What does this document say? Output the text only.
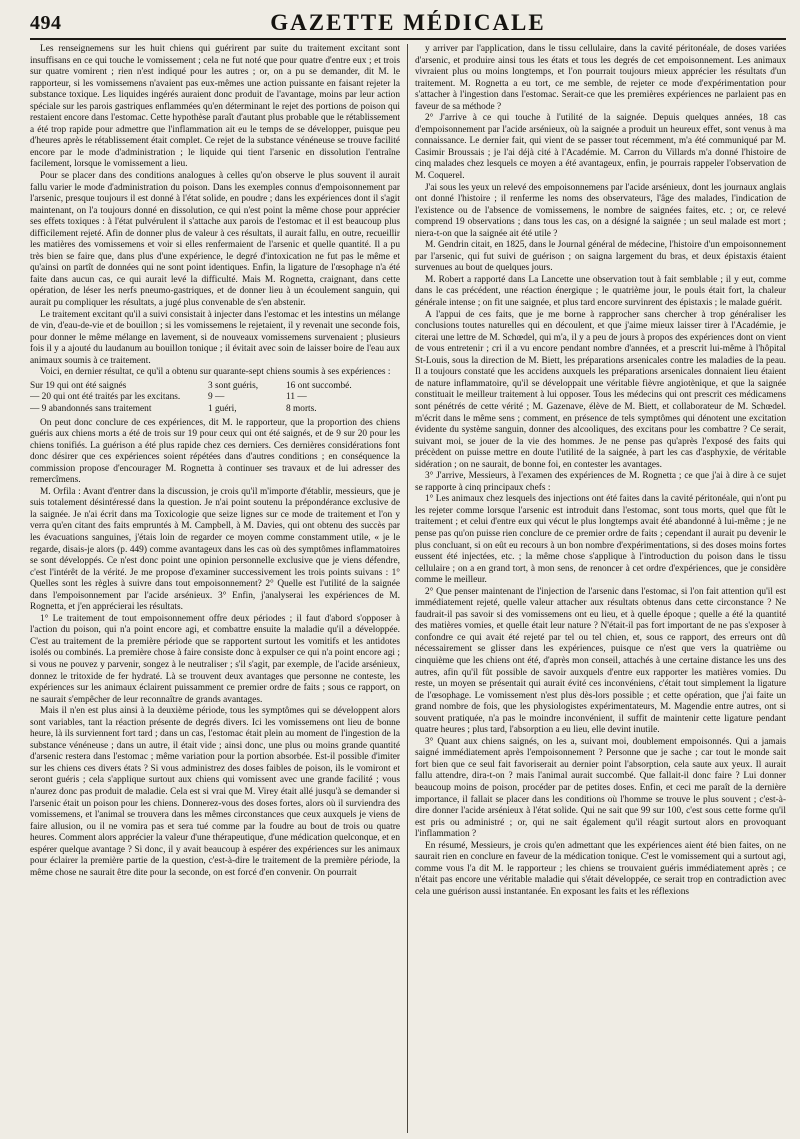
494	GAZETTE MÉDICALE

Les renseignemens sur les huit chiens qui guérirent par suite du traitement excitant sont insuffisans en ce qui touche le vomissement ; cela ne fut noté que pour quatre d'entre eux ; et trois sur quatre vomirent ; rien n'est indiqué pour les autres ; or, on a pu se demander, dit M. le rapporteur, si les vomissemens n'avaient pas eux-mêmes une action puissante en faisant rejeter la substance toxique. Les liquides ingérés auraient donc produit de l'avantage, moins par leur action spéciale sur les parois gastriques enflammées qu'en déterminant le rejet des portions de poison qui restaient encore dans l'estomac. Cette hypothèse paraît d'autant plus probable que le rétablissement a été trop rapide pour admettre que l'inflammation ait eu le temps de se développer, puisque peu d'heures après le rétablissement était complet. Ce rejet de la substance vénéneuse se trouve facilité encore par le mode d'administration ; le liquide qui tient l'arsenic en dissolution l'entraîne facilement, lorsque le vomissement a lieu.

Pour se placer dans des conditions analogues à celles qu'on observe le plus souvent il aurait fallu varier le mode d'administration du poison. Dans les exemples connus d'empoisonnement par l'arsenic, presque toujours il est donné à l'état solide, en poudre ; dans les expériences dont il s'agit maintenant, on l'a toujours donné en dissolution, ce qui n'est point la même chose pour apprécier ses effets toxiques : à l'état pulvérulent il s'attache aux parois de l'estomac et il est beaucoup plus difficilement rejeté. Afin de donner plus de valeur à ces résultats, il aurait fallu, en outre, recueillir les matières des vomissemens et voir si elles renfermaient de l'arsenic et quelle quantité. Il a pu très bien se faire que, dans plus d'une expérience, le degré d'intoxication ne fut pas le même et qu'ainsi on partît de données qui ne sont point identiques. Enfin, la ligature de l'œsophage n'a été faite dans aucun cas, ce qui aurait levé la difficulté. Mais M. Rognetta, craignant, dans cette opération, de léser les nerfs pneumo-gastriques, et de donner lieu à un écoulement sanguin, qui aurait pu compliquer les résultats, a jugé plus convenable de s'en abstenir.

Le traitement excitant qu'il a suivi consistait à injecter dans l'estomac et les intestins un mélange de vin, d'eau-de-vie et de bouillon ; si les vomissemens le rejetaient, il y revenait une seconde fois, pour donner le même mélange en lavement, si de nouveaux vomissemens survenaient ; plusieurs fois il y a ajouté du laudanum au bouillon tonique ; il évitait avec soin de laisser boire de l'eau aux animaux soumis à ce traitement.

Voici, en dernier résultat, ce qu'il a obtenu sur quarante-sept chiens soumis à ses expériences :

Sur 19 qui ont été saignés	3 sont guéris,	16 ont succombé.
— 20 qui ont été traités par les excitans.	9 —	11 —
— 9 abandonnés sans traitement	1 guéri,	8 morts.

On peut donc conclure de ces expériences, dit M. le rapporteur, que la proportion des chiens guéris aux chiens morts a été de trois sur 19 pour ceux qui ont été saignés, et de 9 sur 20 pour les chiens tonifiés. La guérison a été plus rapide chez ces derniers. Ces dernières considérations font donc désirer que ces expériences soient répétées dans d'autres conditions ; en conséquence la commission propose d'encourager M. Rognetta à continuer ses travaux et de lui adresser des remercîmens.

M. Orfila : Avant d'entrer dans la discussion, je crois qu'il m'importe d'établir, messieurs, que je suis totalement désintéressé dans la question. Je n'ai point soutenu la prépondérance exclusive de la saignée. Je n'ai écrit dans ma Toxicologie que seize lignes sur ce mode de traitement et l'on y verra qu'en citant des faits empruntés à M. Campbell, à M. Davies, qui ont obtenu des succès par les évacuations sanguines, j'étais loin de regarder ce moyen comme constamment utile, « je le regarde, disais-je alors (p. 449) comme avantageux dans les cas où des symptômes inflammatoires se sont développés. Ce n'est donc point une opinion personnelle exclusive que je viens défendre, c'est l'intérêt de la vérité. Je me propose d'examiner successivement les trois points suivans : 1° Quelles sont les règles à suivre dans tout empoisonnement? 2° Quelle est l'utilité de la saignée dans l'empoisonnement par l'acide arsénieux. 3° Enfin, j'analyserai les expériences de M. Rognetta, et j'en apprécierai les résultats.

1° Le traitement de tout empoisonnement offre deux périodes ; il faut d'abord s'opposer à l'action du poison, qui n'a point encore agi, et combattre ensuite la maladie qu'il a développée. C'est au traitement de la première période que se rapportent surtout les vomitifs et les antidotes isolés ou combinés. La première chose à faire consiste donc à expulser ce qui n'a point encore agi ; si vous ne pouvez y parvenir, songez à le neutraliser ; s'il s'agit, par exemple, de l'acide arsénieux, donnez le tritoxide de fer hydraté. Là se trouvent deux avantages que personne ne conteste, les expériences sur les animaux éclairent puissamment ce premier ordre de faits ; sous ce rapport, on ne saurait s'empêcher de leur reconnaître de grands avantages.

Mais il n'en est plus ainsi à la deuxième période, tous les symptômes qui se développent alors sont variables, tant la réaction présente de degrés divers. Ici les vomissemens ont lieu de bonne heure, là ils surviennent fort tard ; dans un cas, l'estomac était plein au moment de l'ingestion de la substance vénéneuse ; dans un autre, il était vide ; ainsi donc, une plus ou moins grande quantité d'arsenic restera dans l'estomac ; même variation pour la portion absorbée. Est-il possible d'imiter sur les chiens ces divers états ? Si vous administrez des doses faibles de poison, ils le vomiront et seront guéris ; cela s'applique surtout aux chiens qui vomissent avec une grande facilité ; vous n'aurez donc pas produit de maladie. Cela est si vrai que M. Virey était allé jusqu'à se demander si l'arsenic était un poison pour les chiens. Donnerez-vous des doses fortes, alors où il surviendra des vomissemens, et l'animal se trouvera dans les mêmes circonstances que ceux auxquels je viens de faire allusion, ou il ne vomira pas et sera tué comme par la foudre au bout de trois ou quatre heures. Comment alors apprécier la valeur d'une thérapeutique, d'une médication quelconque, et en espérer quelque avantage ? Si donc, il y avait beaucoup à espérer des expériences sur les animaux pour éclairer la première partie de la question, c'est-à-dire le traitement de la première période, la même chose ne saurait être dite pour la seconde, on est forcé d'en convenir. On pourrait

y arriver par l'application, dans le tissu cellulaire, dans la cavité péritonéale, de doses variées d'arsenic, et produire ainsi tous les états et tous les degrés de cet empoisonnement. Les animaux vivraient plus ou moins longtemps, et l'on pourrait toujours mieux apprécier les résultats d'un traitement. M. Rognetta a eu tort, ce me semble, de rejeter ce mode d'expérimentation pour s'attacher à l'ingestion dans l'estomac. Serait-ce que les premières expériences ne parlaient pas en faveur de sa méthode ?

2° J'arrive à ce qui touche à l'utilité de la saignée. Depuis quelques années, 18 cas d'empoisonnement par l'acide arsénieux, où la saignée a produit un heureux effet, sont venus à ma connaissance. Le dernier fait, qui vient de se passer tout récemment, m'a été communiqué par M. Casimir Broussais ; je l'ai déjà cité à l'Académie. M. Carron du Villards m'a donné l'histoire de cinq malades chez lesquels ce moyen a été avantageux, enfin, je pourrais rappeler l'observation de M. Coquerel.

J'ai sous les yeux un relevé des empoisonnemens par l'acide arsénieux, dont les journaux anglais ont donné l'histoire ; il renferme les noms des observateurs, l'âge des malades, l'indication de l'existence ou de l'absence de vomissemens, le nombre de saignées faites, etc. ; or, ce relevé comprend 19 observations ; dans tous les cas, on a désigné la saignée ; un seul malade est mort ; niera-t-on que la saignée ait été utile ?

M. Gendrin citait, en 1825, dans le Journal général de médecine, l'histoire d'un empoisonnement par l'arsenic, qui fut suivi de guérison ; on saigna largement du bras, et deux épistaxis étaient survenues au bout de quelques jours.

M. Robert a rapporté dans La Lancette une observation tout à fait semblable ; il y eut, comme dans le cas précédent, une réaction énergique ; le quatrième jour, le pouls était fort, la chaleur générale intense ; on fit une saignée, et plus tard encore survinrent des épistaxis ; le malade guérit.

A l'appui de ces faits, que je me borne à rapprocher sans chercher à trop généraliser les conclusions toutes naturelles qui en découlent, et que j'aime mieux laisser tirer à l'Académie, je citerai une lettre de M. Schœdel, qui m'a, il y a peu de jours à propos des expériences dont on vient de vous entretenir ; cri il a vu encore pendant nombre d'années, et a prescrit lui-même à l'hôpital St-Louis, sous la direction de M. Biett, les préparations arsenicales contre les maladies de la peau. Il a toujours constaté que les accidens auxquels les préparations arsenicales donnaient lieu étaient de nature inflammatoire, qu'il se développait une véritable fièvre angiotènique, et que la saignée constituait le meilleur traitement à lui opposer. Tous les médecins qui ont prescrit ces médicamens sont pénétrés de cette vérité ; M. Gazenave, élève de M. Biett, et collaborateur de M. Schœdel. m'écrit dans le même sens ; comment, en présence de tels symptômes qui dénotent une excitation évidente du système sanguin, donner des alcooliques, des excitans pour les combattre ? Ce serait, suivant moi, se jouer de la vie des hommes. Je ne pense pas qu'après l'exposé des faits qui précèdent on puisse mettre en doute l'utilité de la saignée, à part les cas d'asphyxie, de véritable sidération ; on ne saurait, de bonne foi, en contester les avantages.

3° J'arrive, Messieurs, à l'examen des expériences de M. Rognetta ; ce que j'ai à dire à ce sujet se rapporte à cinq principaux chefs :

1° Les animaux chez lesquels des injections ont été faites dans la cavité péritonéale, qui n'ont pu les rejeter comme lorsque l'arsenic est introduit dans l'estomac, sont tous morts, quel que fût le traitement ; et celui d'entre eux qui vécut le plus longtemps avait été abandonné à lui-même ; je ne pense pas qu'on puisse rien conclure de ce premier ordre de faits ; cependant il aurait pu devenir le plus concluant, si on eût eu recours à un bon nombre d'expérimentations, si des doses moins fortes eussent été injectées, etc. ; la même chose s'applique à l'introduction du poison dans le tissu cellulaire ; on a en grand tort, à mon sens, de renoncer à cet ordre d'expériences, que je considère comme le meilleur.

2° Que penser maintenant de l'injection de l'arsenic dans l'estomac, si l'on fait attention qu'il est immédiatement rejeté, quelle valeur attacher aux résultats obtenus dans cette circonstance ? Ne faudrait-il pas savoir si des vomissemens ont eu lieu, et à quelle époque ; quelle a été la quantité des matières vomies, et quelle était leur nature ? N'était-il pas fort important de ne pas s'exposer à confondre ce qui avait été rejeté par tel ou tel chien, et, sous ce rapport, des erreurs ont dû nécessairement se glisser dans les expériences, puisque ce n'est que vers la quatrième ou cinquième que les chiens ont été, d'après mon conseil, attachés à une certaine distance les uns des autres, afin qu'il fût possible de savoir auxquels d'entre eux rapporter les matières vomies. Du reste, un moyen se présentait qui aurait évité ces inconvéniens, c'était tout simplement la ligature de l'œsophage. Le vomissement n'est plus dès-lors possible ; et cette opération, que j'ai faite un grand nombre de fois, que les physiologistes expérimentateurs, M. Magendie entre autres, ont si souvent pratiquée, n'a pas le moindre inconvénient, il suffit de maintenir cette ligature pendant quatre heures ; plus tard, l'absorption a eu lieu, elle devint inutile.

3° Quant aux chiens saignés, on les a, suivant moi, doublement empoisonnés. Qui a jamais saigné immédiatement après l'empoisonnement ? Personne que je sache ; car tout le monde sait fort bien que ce seul fait favoriserait au dernier point l'absorption, cela saute aux yeux. Il aurait fallu attendre, dira-t-on ? mais l'animal aurait succombé. Que fallait-il donc faire ? Lui donner beaucoup moins de poison, procéder par de petites doses. Enfin, et ceci me paraît de la dernière importance, il fallait se placer dans les conditions où l'homme se trouve le plus souvent ; c'est-à-dire donner l'acide arsénieux à l'état solide. Qui ne sait que 99 sur 100, c'est sous cette forme qu'il est pris ou administré ; or, qui ne sait également qu'il réagit surtout alors en provoquant l'inflammation ?

En résumé, Messieurs, je crois qu'en admettant que les expériences aient été bien faites, on ne saurait rien en conclure en faveur de la médication tonique. C'est le vomissement qui a surtout agi, comme vous l'a dit M. le rapporteur ; les chiens se trouvaient guéris immédiatement après ; ce n'était pas encore une véritable maladie qui s'était développée, ce serait trop en contradiction avec cela une guérison aussi instantanée. En exposant les faits et les réflexions
